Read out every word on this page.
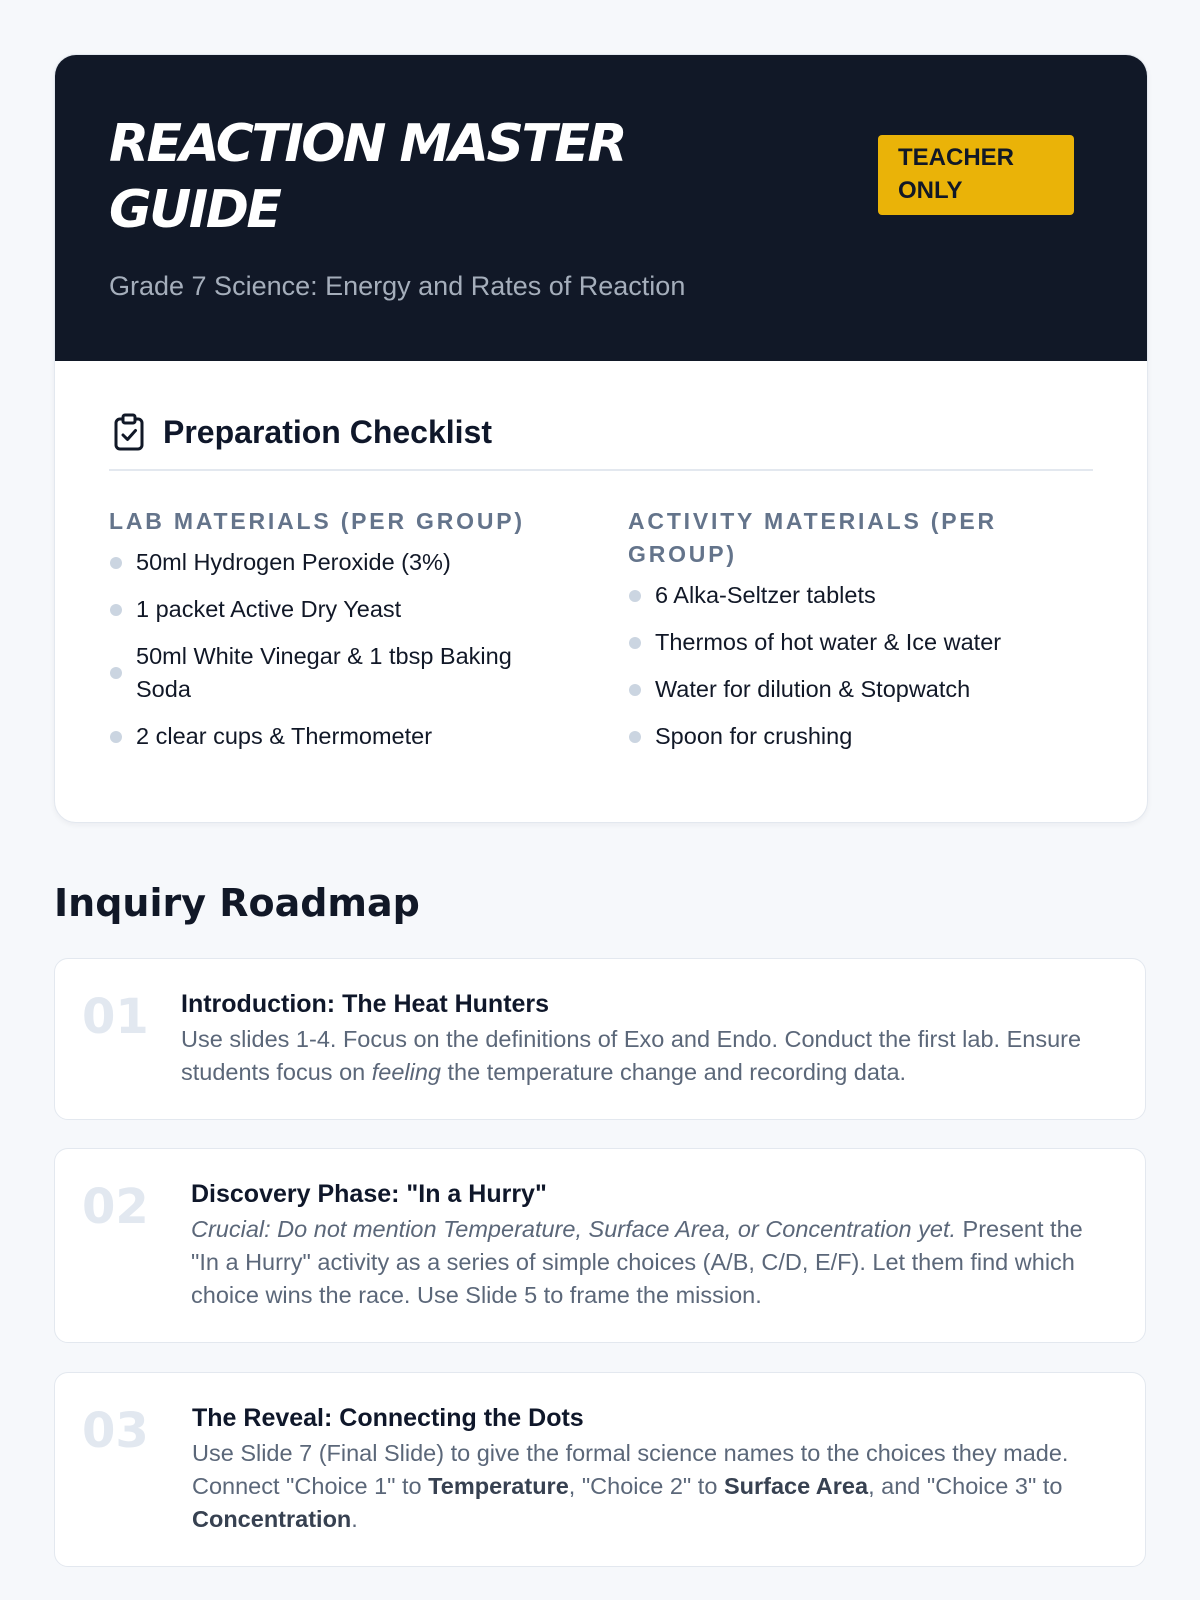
REACTION MASTER GUIDE

Grade 7 Science: Energy and Rates of Reaction

TEACHER ONLY
Preparation Checklist
LAB MATERIALS (PER GROUP)
50ml Hydrogen Peroxide (3%)
1 packet Active Dry Yeast
50ml White Vinegar & 1 tbsp Baking Soda
2 clear cups & Thermometer
ACTIVITY MATERIALS (PER GROUP)
6 Alka-Seltzer tablets
Thermos of hot water & Ice water
Water for dilution & Stopwatch
Spoon for crushing
Inquiry Roadmap
01 Introduction: The Heat Hunters

Use slides 1-4. Focus on the definitions of Exo and Endo. Conduct the first lab. Ensure students focus on feeling the temperature change and recording data.

02 Discovery Phase: "In a Hurry"

Crucial: Do not mention Temperature, Surface Area, or Concentration yet. Present the "In a Hurry" activity as a series of simple choices (A/B, C/D, E/F). Let them find which choice wins the race. Use Slide 5 to frame the mission.

03 The Reveal: Connecting the Dots

Use Slide 7 (Final Slide) to give the formal science names to the choices they made. Connect "Choice 1" to Temperature, "Choice 2" to Surface Area, and "Choice 3" to Concentration.
